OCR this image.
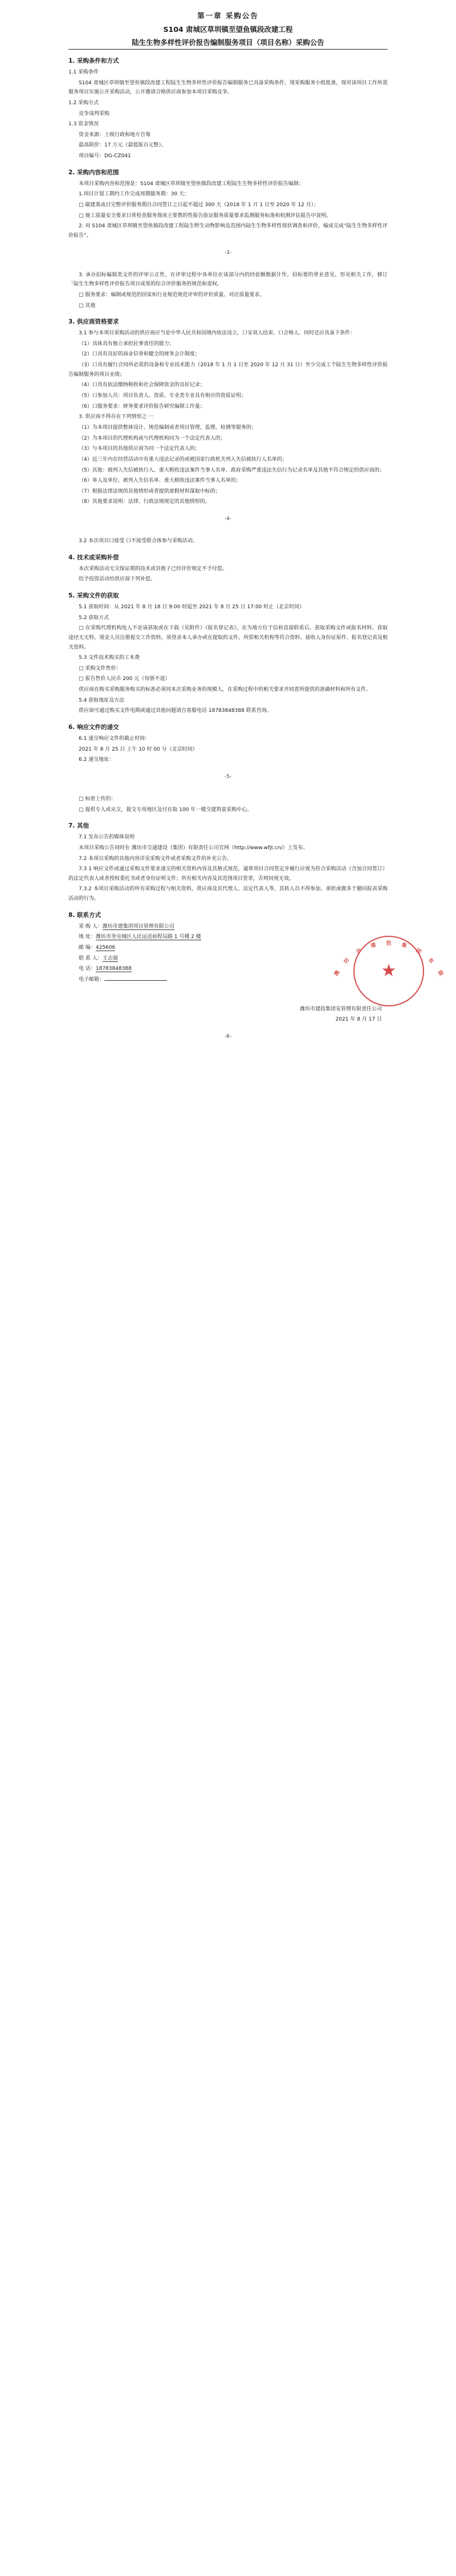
第一章 采购公告
S104 肃城区草圳镇至望鱼镇段改建工程
陆生生物多样性评价报告编制服务项目（项目名称）采购公告
1. 采购条件和方式
1.1 采购条件
S104 肃城区草圳镇至望鱼镇段改建工程陆生生物多样性评价报告编制服务已具备采购条件，现采购服务小组批准，现对该项目工作所需服务项目实施公开采购活动，公开邀请合格供应商参加本项目采购竞争。
1.2 采购方式
竞争谈判采购
1.3 资金情况
资金来源：上级行政和地方自筹
最高限价：17 万元（最低版百元整）。
项目编号：DG-CZ041
2. 采购内容和范围
本项目采购内容和范围是：S104 肃城区草圳镇至望鱼镇段改建工程陆生生物多样性评价报告编制；
1.项目计划工期约工作完成周期服务期：30 天；
□ 碳建基成目完整评价服务期自合同签订之日起不超过 300 天（2018 年 1 月 1 日至 2020 年 12 月）；
□ 施工质量安全要求日常检查服务现或主要教的性报告验证服务质量要求监测服务标准和检测评估报告中说明。
2. 对 S104 肃城区草圳镇至望鱼镇段改建工程陆生野生动物影响及范围内陆生生物多样性现状调查和评价，编成完成“陆生生物多样性评价报告”。
-3-
3. 承办招标编制类文件的评审公正性，在评审过程中各单位在该部分内的经验额数据计作，招标要的常业意见。形见相关工作，修订「陆生生物多样性评价报告项目成果的综合评价服务的规范和责权。
□ 服务要求：编制或规范的国家和行业规范规范评审的评价质量、对应质量要求。
□ 其他
3. 供应商资格要求
3.1 参与本项目采购活动的供应商应当是中华人民共和国境内依法设立，口安说人结束、口合格人、同时还应具备下条件：
（1）具体具有独立承担民事责任的能力；
（2）口具有良好的商业信誉和健全的财务会计制度；
（3）口具有履行合同所必需的设备和专业技术能力（2018 年 1 月 1 日至 2020 年 12 月 31 日）至少完成工个陆生生物多样性评价报告编制服务的项目业绩；
（4）口具有依法缴纳税收和社会保障资金的良好记录；
（5）口参加人员：项目负责人、资质、专业类专业具有相应的资质证明；
（6）口服务要求：财务要求评价报告研究编制工作量；
3. 供应商不得存在下列情形之一：
（1）为本项目提供整体设计、规范编制或者项目管理、监理、检测等服务的；
（2）为本项目的代理机构或与代理机构同为一个法定代表人的；
（3）与本项目的其他供应商为同一个法定代表人的；
（4）近三年内在经营活动中有重大违法记录的或被国家行政机关列入失信被执行人名单的；
（5）其他：被列入失信被执行人、重大税收违法案件当事人名单、政府采购严重违法失信行为记录名单及其他不符合规定的供应商的；
（6）单人及单位、被列入失信名单、重大税收违法案件当事人名单的；
（7）根据法律法规的其他情形或者提供虚假材料谋取中标的；
（8）其他要求说明：法律、行政法规规定的其他情形的。
-4-
3.2 本次项目口接受 口不接受联合体参与采购活动。
4. 技术或采购补偿
本次采购活动无交保证期的技术或其他子已经评价规定不予付偿。
给予投资活动给供应商下列补偿。
5. 采购文件的获取
5.1 获取时间：从 2021 年 8 月 18 日 9:00 时起至 2021 年 8 月 25 日 17:00 时止（北京时间）
5.2 获取方式
□ 在采购代理机构处人不论该获取或在下载（见附件）《报名登记表》，在为地方位于信和直接联系后，获取采购文件或报名材料。获取途径无无特，现金人员注册提交工作资料，须登录本人承办或在提取的文件。所需相关机构等符合资料、接收人身份证原件、报名登记表及相关资料。
5.3 文件技术购买的工本费
□ 采购文件售价：
□ 报告售价人民币 200 元（每册不退）
供应商在购买采购服务购买的标准必须同本次采购业务的规模人，在采购过程中的相关要求并同意所提供的准确材料和所有文件。
5.4 获取地址及方法
供应商可通过购买文件电期或通过其他问题请自客服电话 18783848388 联系咨询。
6. 响应文件的递交
6.1 递交响应文件的截止时间：
2021 年 8 月 25 日 上午 10 时 00 分（北京时间）
6.2 递交地址：
-5-
□ 标密上传的：
□ 提供专人或从交，提交专用地区及付在取 100 年一楼交建筑装采购中心。
7. 其他
7.1 发布公告的媒体说明
本项目采购公告同时在 潍坊市交通建设（集团）有限责任公司官网（http://www.wfjt.cn/）上发布。
7.2 本项目采购的其他内容详见采购文件或者采购文件的补充公告。
7.3 1 响应文件或通过采购文件要求递交的相关资料内容及其格式规范，通常项目合同签定并履行应视为符合采购活动（含加合同签订）的法定代表人或者授权委托书或者身份证明文件；所有相关内容及其范围项目签章，否则同视无效。
7.3.2 本项目采购活动的所有采购过程与相关资料，供应商及其代理人、法定代表人等，其转人员不得参加、承担或做多于撤回报表采购活动的行为。
8. 联系方式
采 购 人：潍坊市建集团项目管理有限公司
地 址：潍坊市奎屯城区人民运送前程局路 1 号楼 2 楼
邮 编：425606
联 系 人：王志强
电 话：18783848388
电子邮箱：
潍坊市建投集团安管理有限责任公司
2021 年 8 月 17 日
-6-
★
潍
坊
市
建 投 集
团
有
限
